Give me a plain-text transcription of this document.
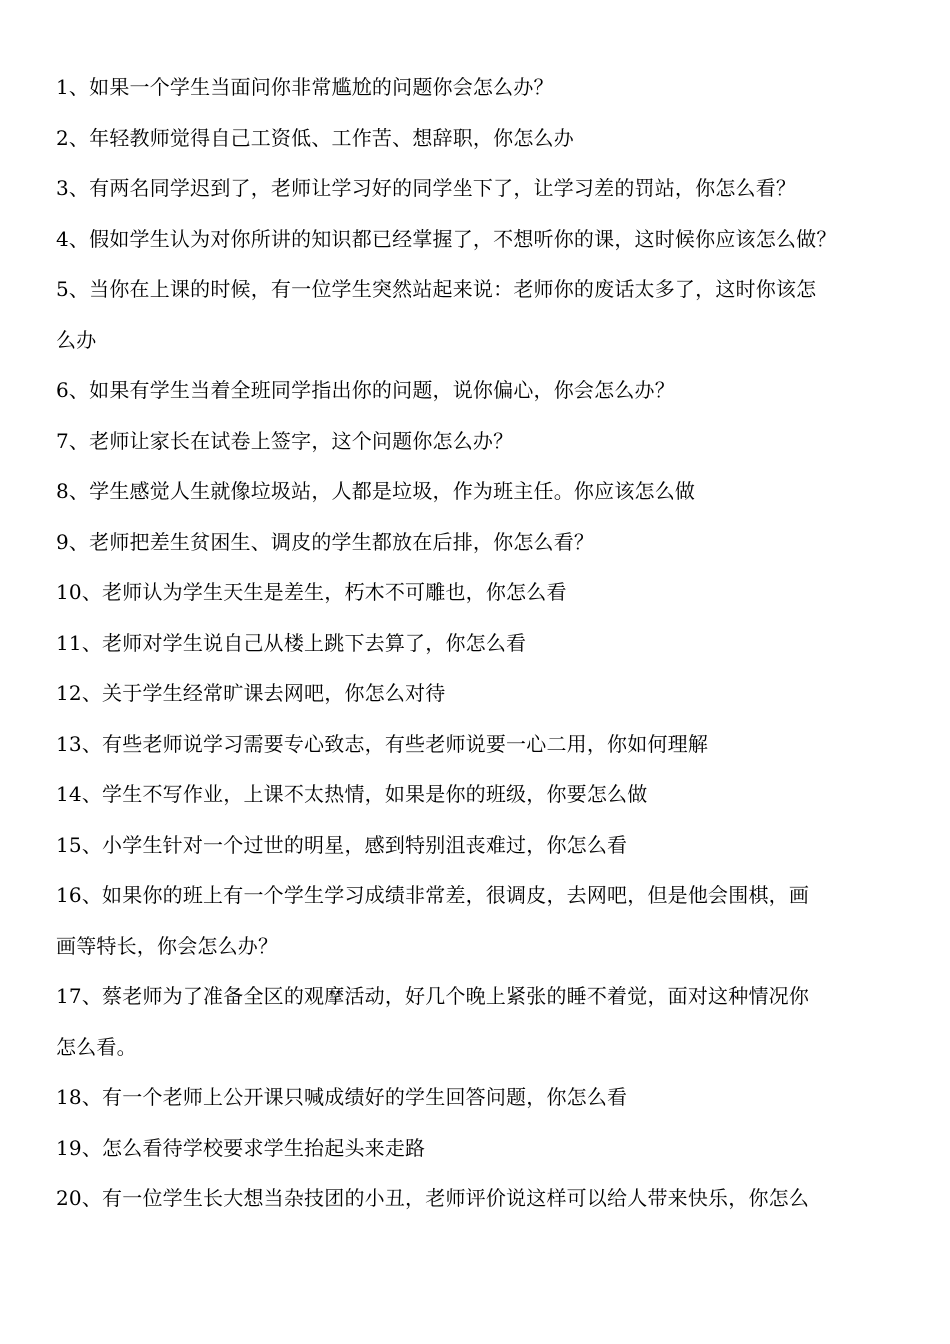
1、如果一个学生当面问你非常尴尬的问题你会怎么办？
2、年轻教师觉得自己工资低、工作苦、想辞职，你怎么办
3、有两名同学迟到了，老师让学习好的同学坐下了，让学习差的罚站，你怎么看？
4、假如学生认为对你所讲的知识都已经掌握了，不想听你的课，这时候你应该怎么做？
5、当你在上课的时候，有一位学生突然站起来说：老师你的废话太多了，这时你该怎
么办
6、如果有学生当着全班同学指出你的问题，说你偏心，你会怎么办？
7、老师让家长在试卷上签字，这个问题你怎么办？
8、学生感觉人生就像垃圾站，人都是垃圾，作为班主任。你应该怎么做
9、老师把差生贫困生、调皮的学生都放在后排，你怎么看？
10、老师认为学生天生是差生，朽木不可雕也，你怎么看
11、老师对学生说自己从楼上跳下去算了，你怎么看
12、关于学生经常旷课去网吧，你怎么对待
13、有些老师说学习需要专心致志，有些老师说要一心二用，你如何理解
14、学生不写作业，上课不太热情，如果是你的班级，你要怎么做
15、小学生针对一个过世的明星，感到特别沮丧难过，你怎么看
16、如果你的班上有一个学生学习成绩非常差，很调皮，去网吧，但是他会围棋，画
画等特长，你会怎么办？
17、蔡老师为了准备全区的观摩活动，好几个晚上紧张的睡不着觉，面对这种情况你
怎么看。
18、有一个老师上公开课只喊成绩好的学生回答问题，你怎么看
19、怎么看待学校要求学生抬起头来走路
20、有一位学生长大想当杂技团的小丑，老师评价说这样可以给人带来快乐，你怎么
